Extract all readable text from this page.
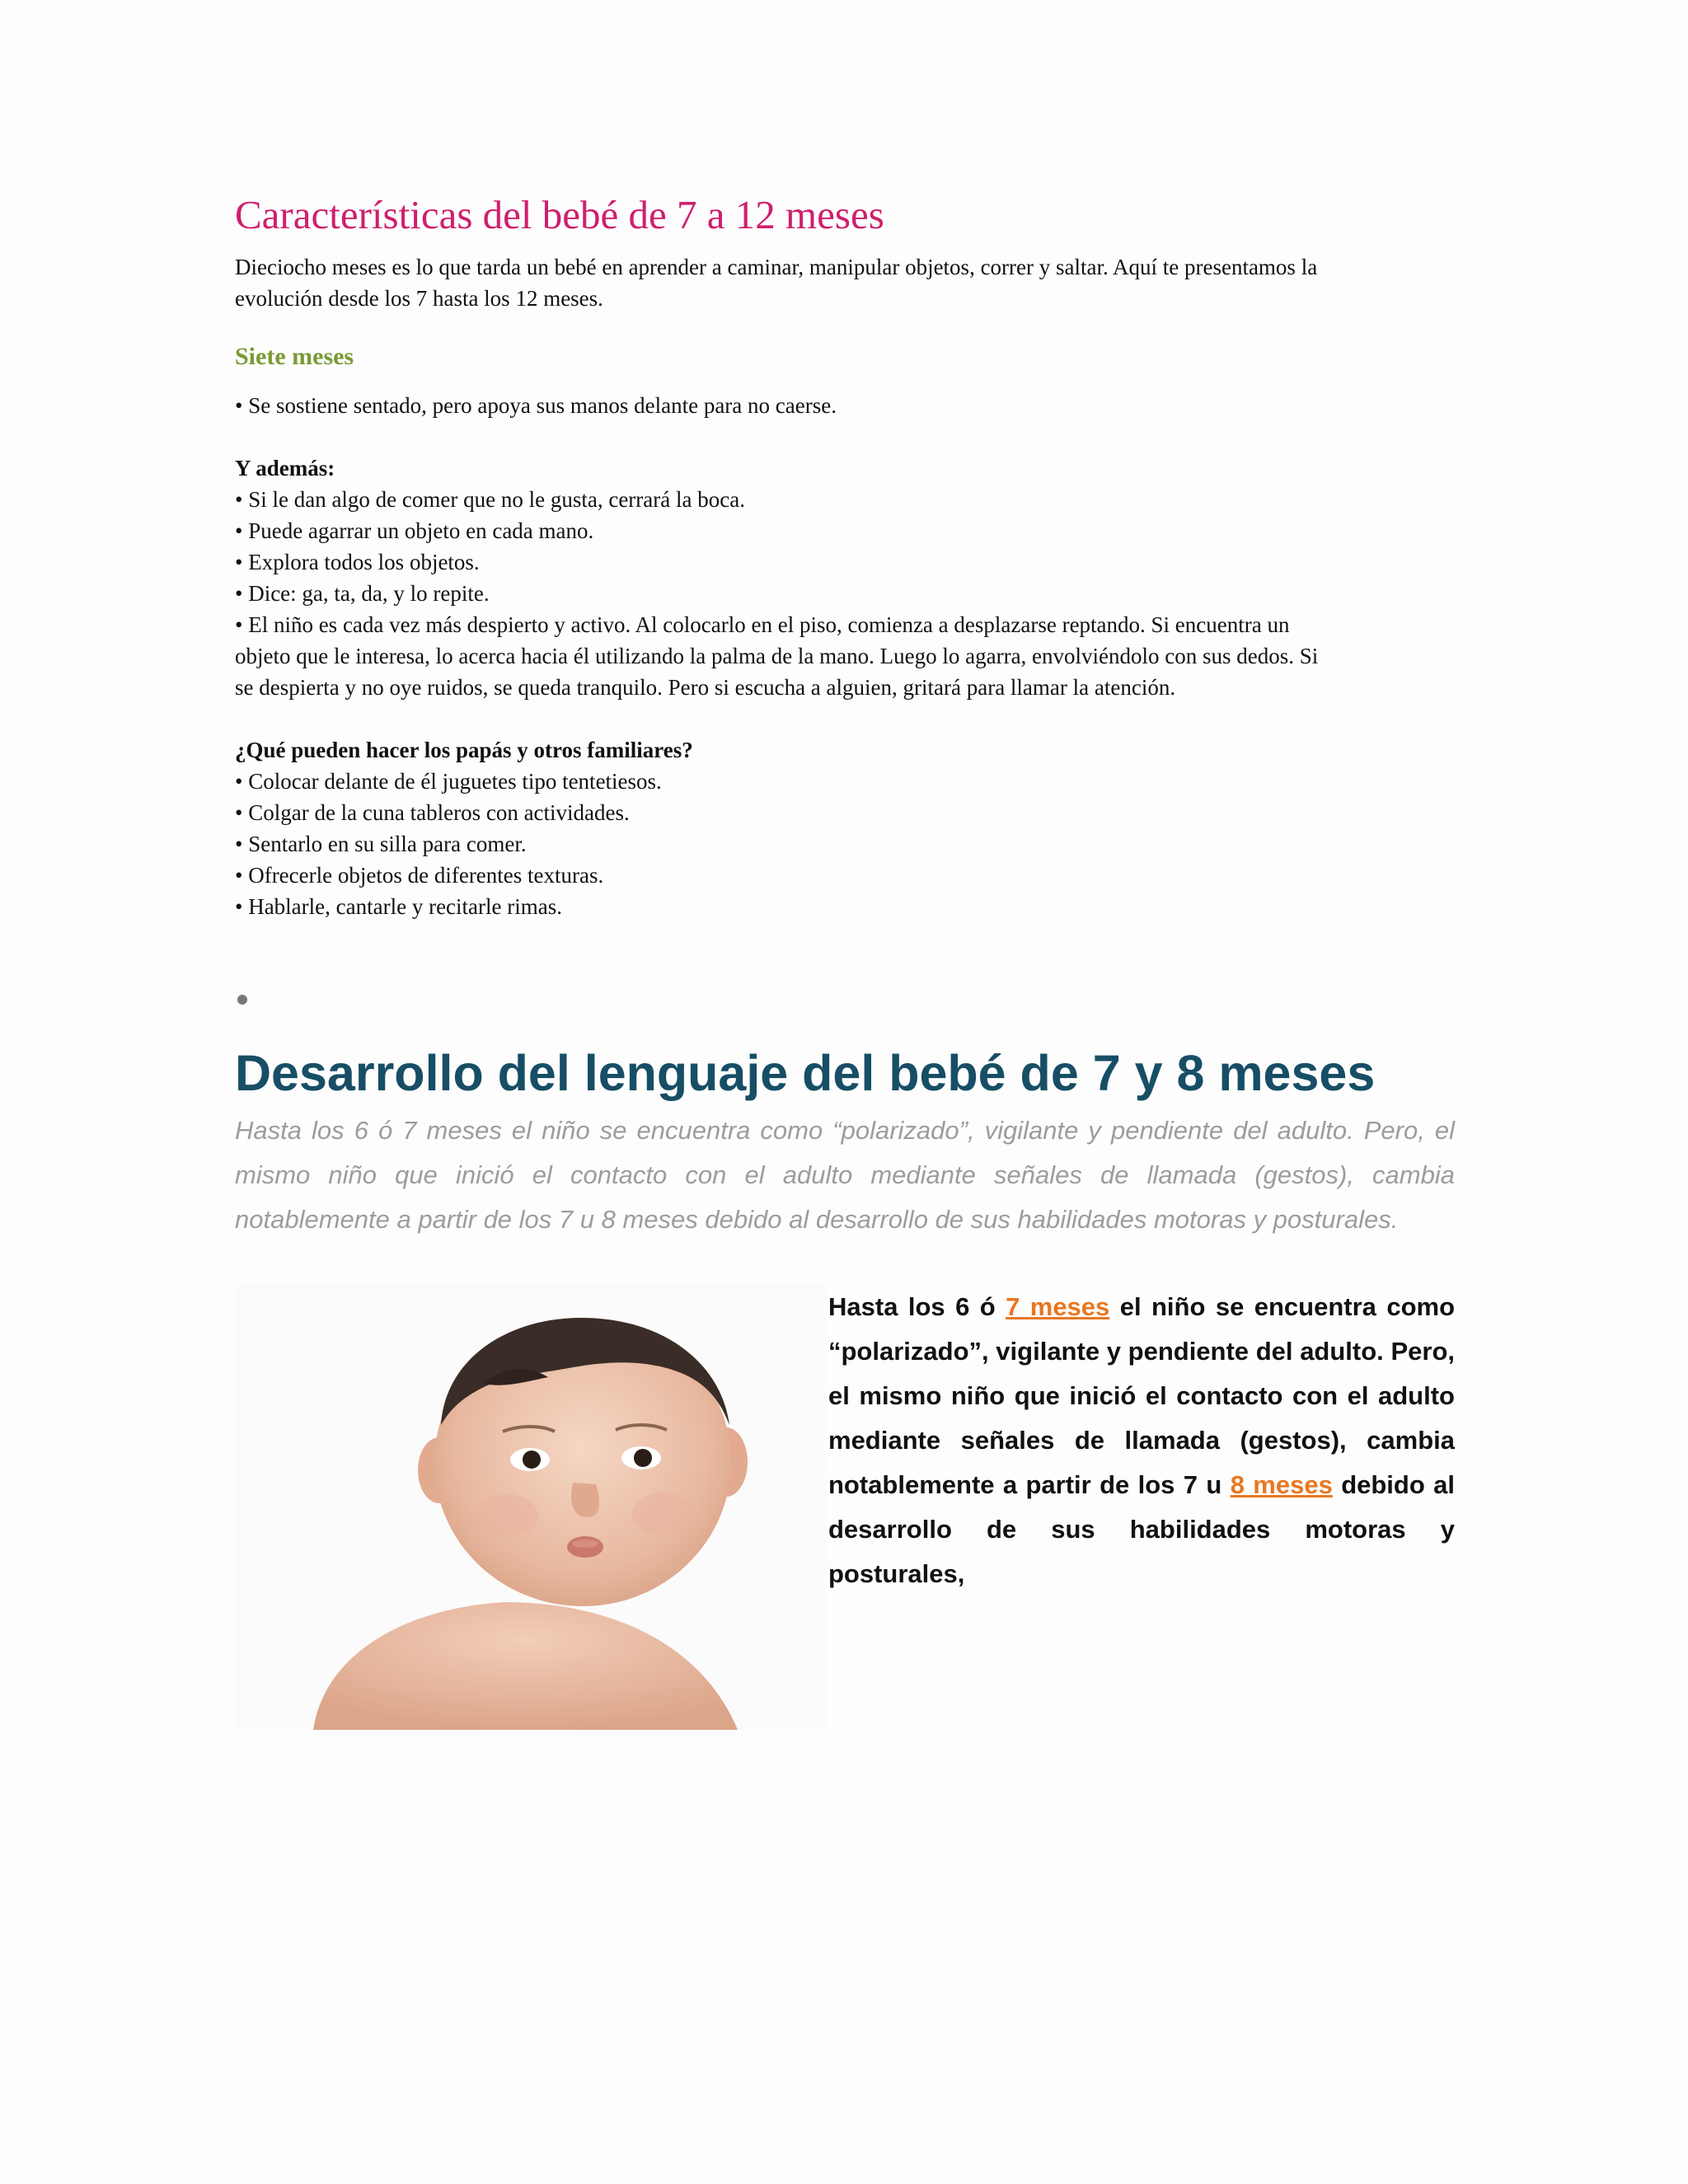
Características del bebé de 7 a 12 meses

Dieciocho meses es lo que tarda un bebé en aprender a caminar, manipular objetos, correr y saltar. Aquí te presentamos la evolución desde los 7 hasta los 12 meses.

Siete meses

• Se sostiene sentado, pero apoya sus manos delante para no caerse.

Y además:

• Si le dan algo de comer que no le gusta, cerrará la boca.
• Puede agarrar un objeto en cada mano.
• Explora todos los objetos.
• Dice: ga, ta, da, y lo repite.
• El niño es cada vez más despierto y activo. Al colocarlo en el piso, comienza a desplazarse reptando. Si encuentra un objeto que le interesa, lo acerca hacia él utilizando la palma de la mano. Luego lo agarra, envolviéndolo con sus dedos. Si se despierta y no oye ruidos, se queda tranquilo. Pero si escucha a alguien, gritará para llamar la atención.

¿Qué pueden hacer los papás y otros familiares?

• Colocar delante de él juguetes tipo tentetiesos.
• Colgar de la cuna tableros con actividades.
• Sentarlo en su silla para comer.
• Ofrecerle objetos de diferentes texturas.
• Hablarle, cantarle y recitarle rimas.
Desarrollo del lenguaje del bebé de 7 y 8 meses

Hasta los 6 ó 7 meses el niño se encuentra como “polarizado”, vigilante y pendiente del adulto. Pero, el mismo niño que inició el contacto con el adulto mediante señales de llamada (gestos), cambia notablemente a partir de los 7 u 8 meses debido al desarrollo de sus habilidades motoras y posturales.

Hasta los 6 ó 7 meses el niño se encuentra como “polarizado”, vigilante y pendiente del adulto. Pero, el mismo niño que inició el contacto con el adulto mediante señales de llamada (gestos), cambia notablemente a partir de los 7 u 8 meses debido al desarrollo de sus habilidades motoras y posturales,
